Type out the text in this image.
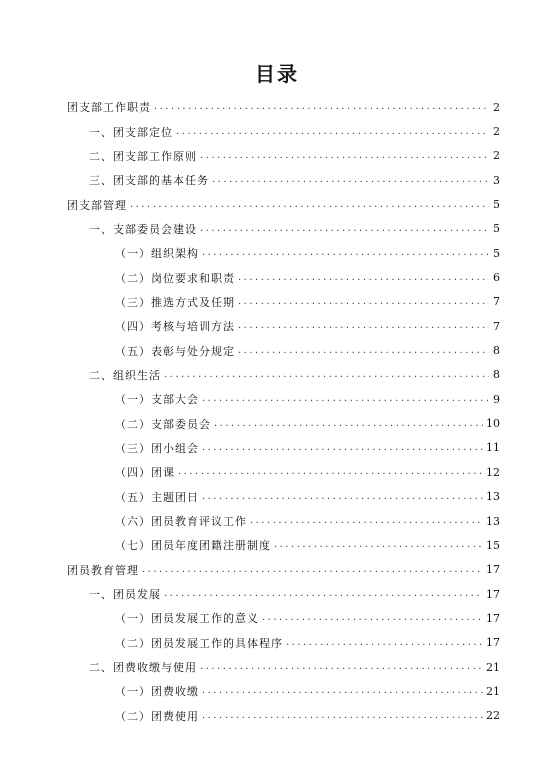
目录
团支部工作职责 .....	2
一、团支部定位 .....	2
二、团支部工作原则 .....	2
三、团支部的基本任务 .....	3
团支部管理 .....	5
一、支部委员会建设 .....	5
（一）组织架构 .....	5
（二）岗位要求和职责 .....	6
（三）推选方式及任期 .....	7
（四）考核与培训方法 .....	7
（五）表彰与处分规定 .....	8
二、组织生活 .....	8
（一）支部大会 .....	9
（二）支部委员会 .....	10
（三）团小组会 .....	11
（四）团课 .....	12
（五）主题团日 .....	13
（六）团员教育评议工作 .....	13
（七）团员年度团籍注册制度 .....	15
团员教育管理 .....	17
一、团员发展 .....	17
（一）团员发展工作的意义 .....	17
（二）团员发展工作的具体程序 .....	17
二、团费收缴与使用 .....	21
（一）团费收缴 .....	21
（二）团费使用 .....	22
